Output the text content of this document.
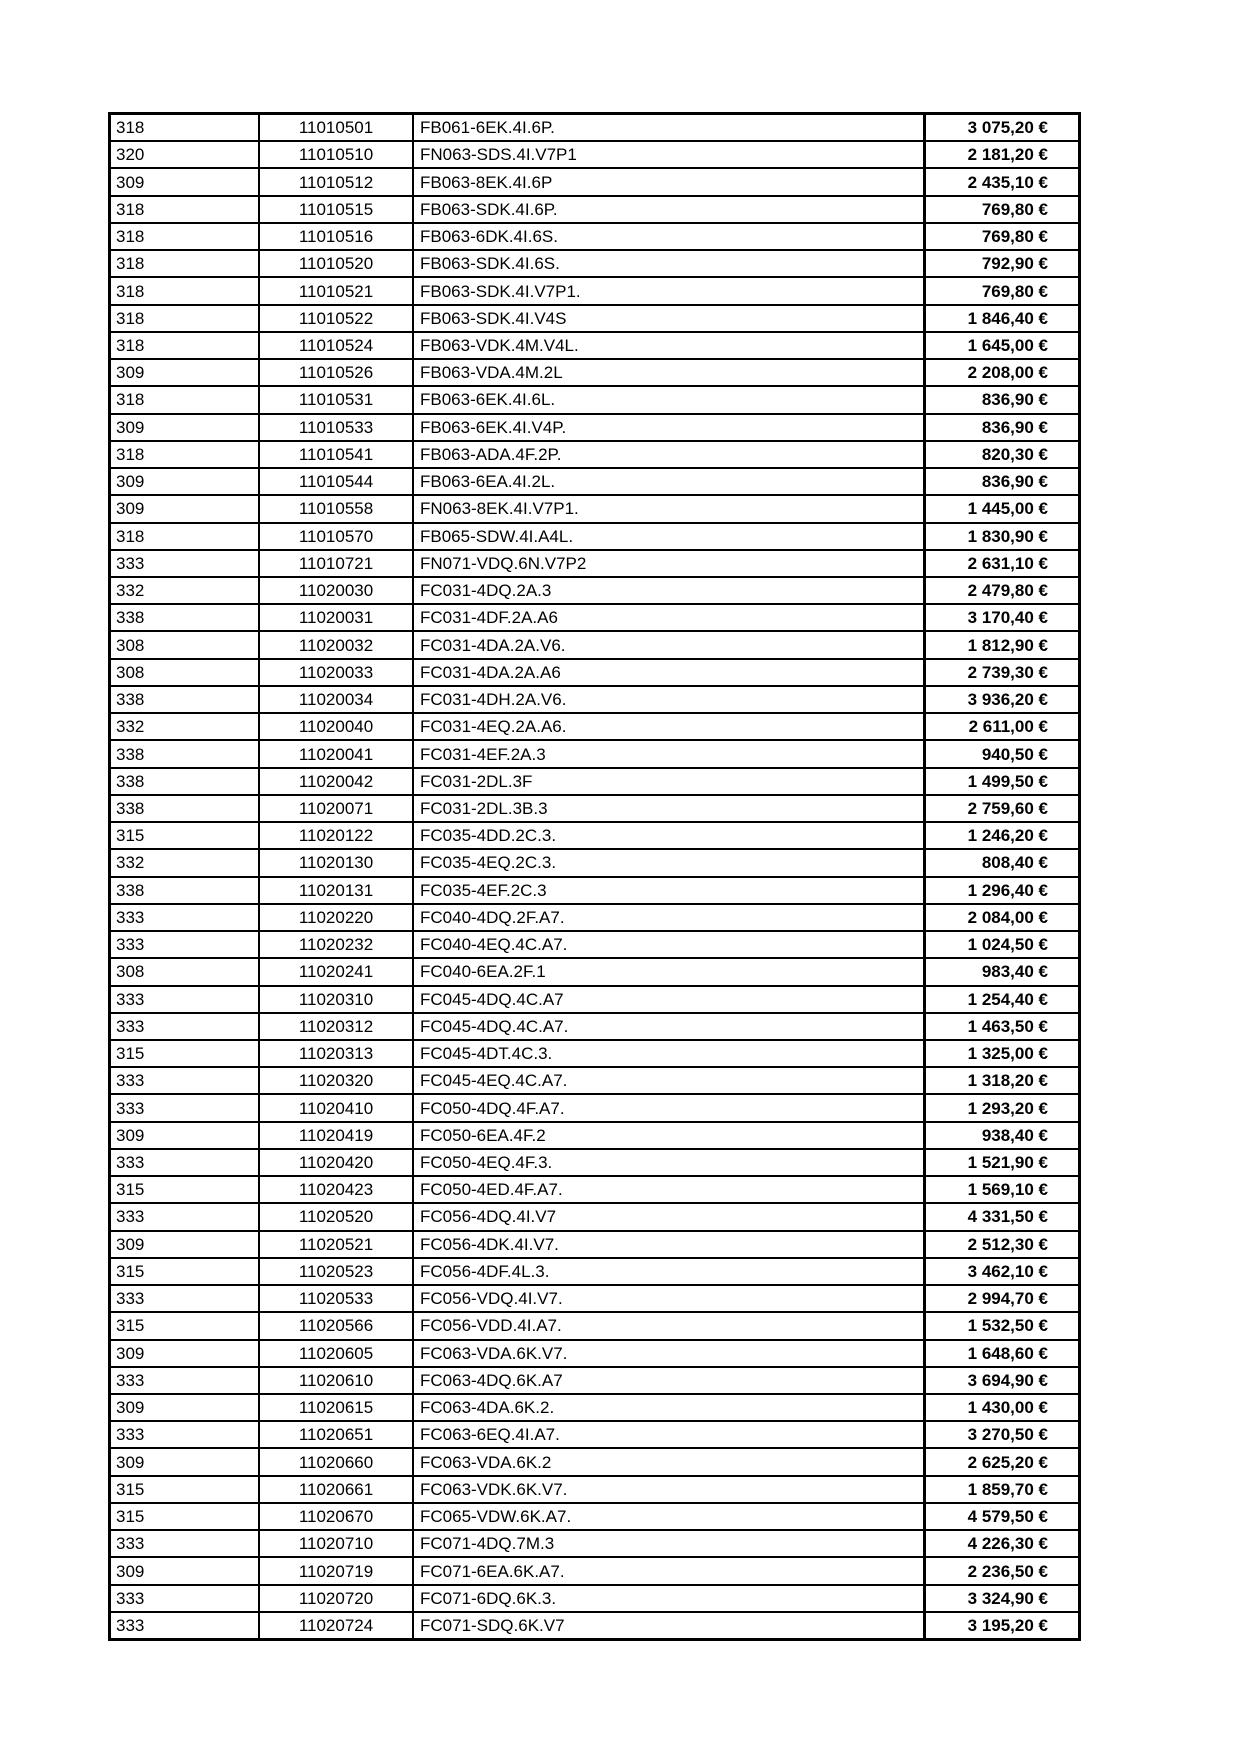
318	11010501	FB061-6EK.4I.6P.	3 075,20 €
320	11010510	FN063-SDS.4I.V7P1	2 181,20 €
309	11010512	FB063-8EK.4I.6P	2 435,10 €
318	11010515	FB063-SDK.4I.6P.	769,80 €
318	11010516	FB063-6DK.4I.6S.	769,80 €
318	11010520	FB063-SDK.4I.6S.	792,90 €
318	11010521	FB063-SDK.4I.V7P1.	769,80 €
318	11010522	FB063-SDK.4I.V4S	1 846,40 €
318	11010524	FB063-VDK.4M.V4L.	1 645,00 €
309	11010526	FB063-VDA.4M.2L	2 208,00 €
318	11010531	FB063-6EK.4I.6L.	836,90 €
309	11010533	FB063-6EK.4I.V4P.	836,90 €
318	11010541	FB063-ADA.4F.2P.	820,30 €
309	11010544	FB063-6EA.4I.2L.	836,90 €
309	11010558	FN063-8EK.4I.V7P1.	1 445,00 €
318	11010570	FB065-SDW.4I.A4L.	1 830,90 €
333	11010721	FN071-VDQ.6N.V7P2	2 631,10 €
332	11020030	FC031-4DQ.2A.3	2 479,80 €
338	11020031	FC031-4DF.2A.A6	3 170,40 €
308	11020032	FC031-4DA.2A.V6.	1 812,90 €
308	11020033	FC031-4DA.2A.A6	2 739,30 €
338	11020034	FC031-4DH.2A.V6.	3 936,20 €
332	11020040	FC031-4EQ.2A.A6.	2 611,00 €
338	11020041	FC031-4EF.2A.3	940,50 €
338	11020042	FC031-2DL.3F	1 499,50 €
338	11020071	FC031-2DL.3B.3	2 759,60 €
315	11020122	FC035-4DD.2C.3.	1 246,20 €
332	11020130	FC035-4EQ.2C.3.	808,40 €
338	11020131	FC035-4EF.2C.3	1 296,40 €
333	11020220	FC040-4DQ.2F.A7.	2 084,00 €
333	11020232	FC040-4EQ.4C.A7.	1 024,50 €
308	11020241	FC040-6EA.2F.1	983,40 €
333	11020310	FC045-4DQ.4C.A7	1 254,40 €
333	11020312	FC045-4DQ.4C.A7.	1 463,50 €
315	11020313	FC045-4DT.4C.3.	1 325,00 €
333	11020320	FC045-4EQ.4C.A7.	1 318,20 €
333	11020410	FC050-4DQ.4F.A7.	1 293,20 €
309	11020419	FC050-6EA.4F.2	938,40 €
333	11020420	FC050-4EQ.4F.3.	1 521,90 €
315	11020423	FC050-4ED.4F.A7.	1 569,10 €
333	11020520	FC056-4DQ.4I.V7	4 331,50 €
309	11020521	FC056-4DK.4I.V7.	2 512,30 €
315	11020523	FC056-4DF.4L.3.	3 462,10 €
333	11020533	FC056-VDQ.4I.V7.	2 994,70 €
315	11020566	FC056-VDD.4I.A7.	1 532,50 €
309	11020605	FC063-VDA.6K.V7.	1 648,60 €
333	11020610	FC063-4DQ.6K.A7	3 694,90 €
309	11020615	FC063-4DA.6K.2.	1 430,00 €
333	11020651	FC063-6EQ.4I.A7.	3 270,50 €
309	11020660	FC063-VDA.6K.2	2 625,20 €
315	11020661	FC063-VDK.6K.V7.	1 859,70 €
315	11020670	FC065-VDW.6K.A7.	4 579,50 €
333	11020710	FC071-4DQ.7M.3	4 226,30 €
309	11020719	FC071-6EA.6K.A7.	2 236,50 €
333	11020720	FC071-6DQ.6K.3.	3 324,90 €
333	11020724	FC071-SDQ.6K.V7	3 195,20 €
